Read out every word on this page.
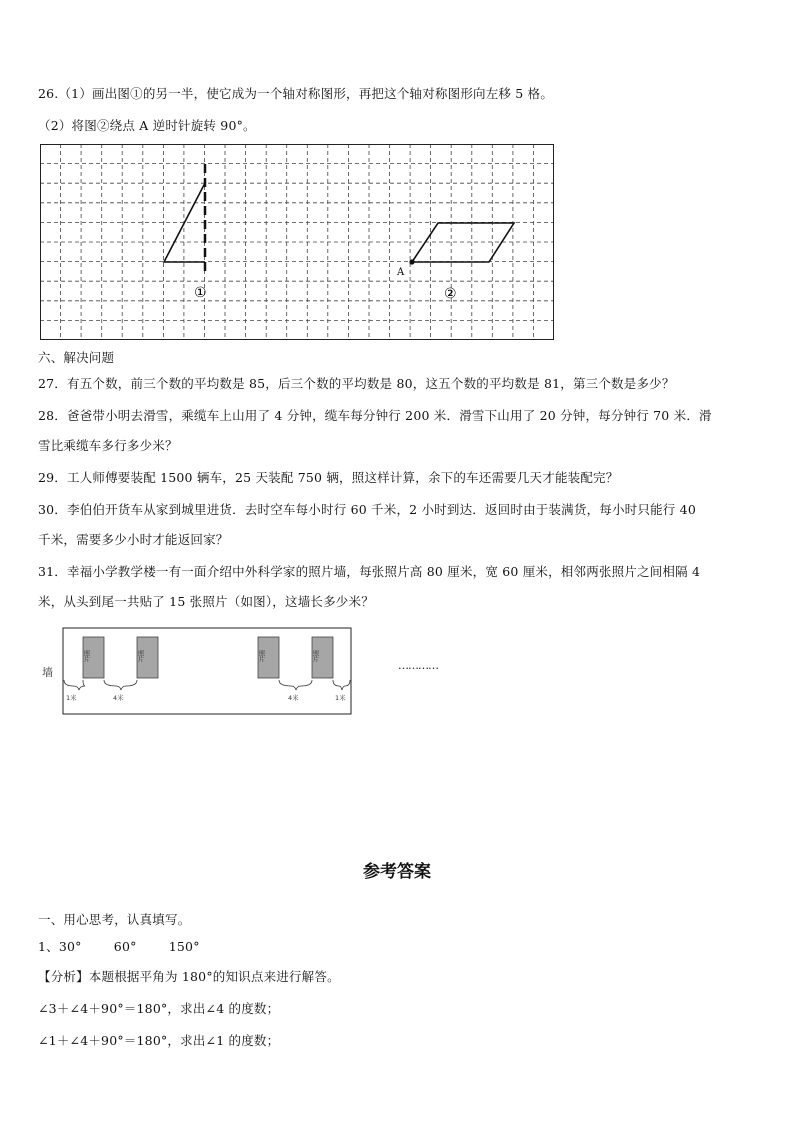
26.（1）画出图①的另一半，使它成为一个轴对称图形，再把这个轴对称图形向左移 5 格。
（2）将图②绕点 A 逆时针旋转 90°。
A
①	②
六、解决问题
27．有五个数，前三个数的平均数是 85，后三个数的平均数是 80，这五个数的平均数是 81，第三个数是多少？
28．爸爸带小明去滑雪，乘缆车上山用了 4 分钟，缆车每分钟行 200 米．滑雪下山用了 20 分钟，每分钟行 70 米．滑
雪比乘缆车多行多少米？
29．工人师傅要装配 1500 辆车，25 天装配 750 辆，照这样计算，余下的车还需要几天才能装配完？
30．李伯伯开货车从家到城里进货．去时空车每小时行 60 千米，2 小时到达．返回时由于装满货，每小时只能行 40
千米，需要多少小时才能返回家？
31．幸福小学教学楼一有一面介绍中外科学家的照片墙，每张照片高 80 厘米，宽 60 厘米，相邻两张照片之间相隔 4
米，从头到尾一共贴了 15 张照片（如图），这墙长多少米？
墙
照片	照片	照片	照片
1米	4米	4米	1米
…………
参考答案
一、用心思考，认真填写。
1、30°	60°	150°
【分析】本题根据平角为 180°的知识点来进行解答。
∠3＋∠4＋90°＝180°，求出∠4 的度数；
∠1＋∠4＋90°＝180°，求出∠1 的度数；
